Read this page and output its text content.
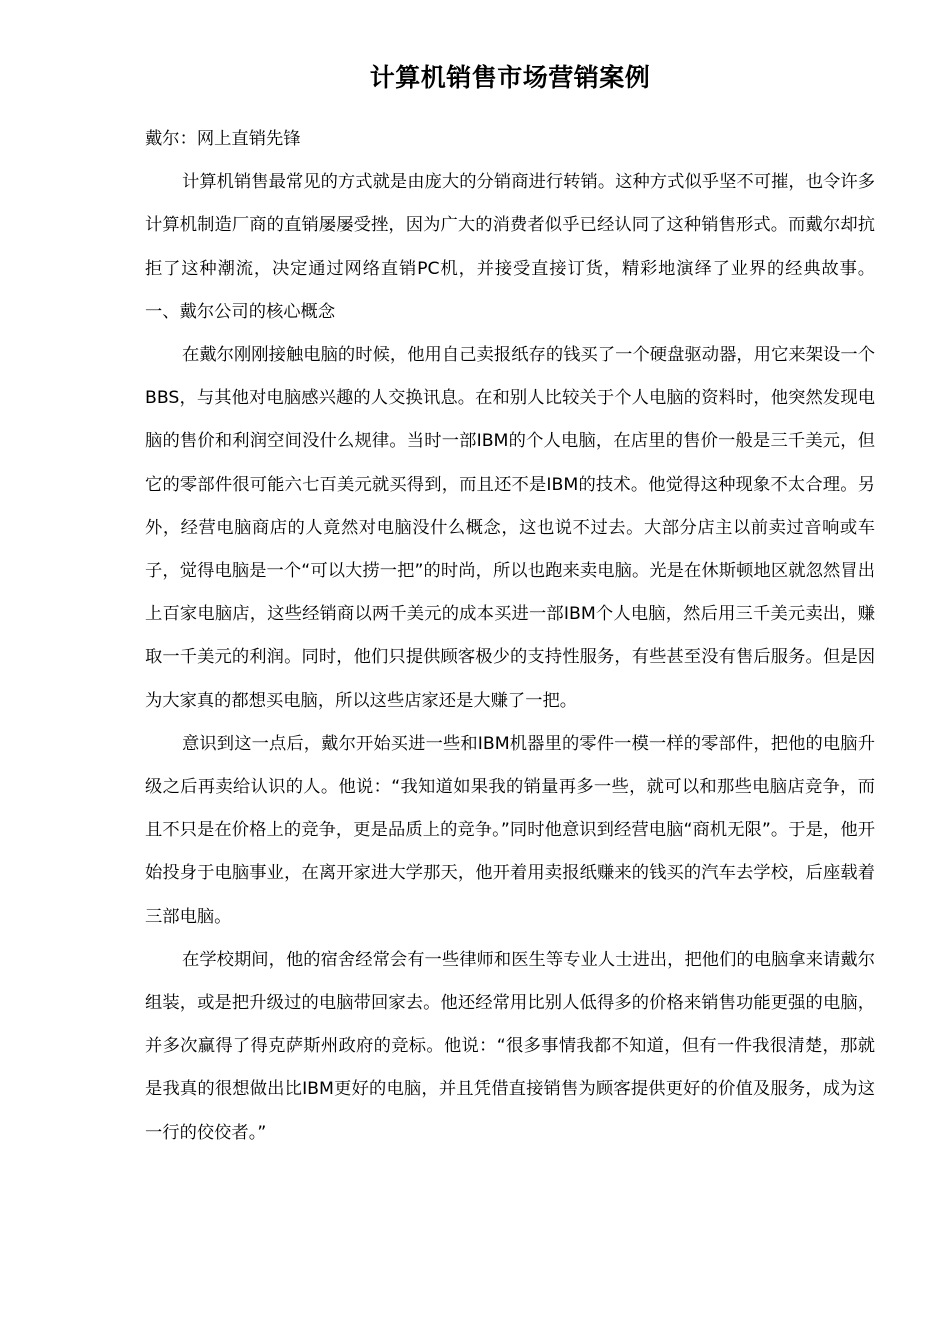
计算机销售市场营销案例

戴尔：网上直销先锋

计算机销售最常见的方式就是由庞大的分销商进行转销。这种方式似乎坚不可摧，也令许多计算机制造厂商的直销屡屡受挫，因为广大的消费者似乎已经认同了这种销售形式。而戴尔却抗拒了这种潮流，决定通过网络直销PC机，并接受直接订货，精彩地演绎了业界的经典故事。一、戴尔公司的核心概念

在戴尔刚刚接触电脑的时候，他用自己卖报纸存的钱买了一个硬盘驱动器，用它来架设一个BBS，与其他对电脑感兴趣的人交换讯息。在和别人比较关于个人电脑的资料时，他突然发现电脑的售价和利润空间没什么规律。当时一部IBM的个人电脑，在店里的售价一般是三千美元，但它的零部件很可能六七百美元就买得到，而且还不是IBM的技术。他觉得这种现象不太合理。另外，经营电脑商店的人竟然对电脑没什么概念，这也说不过去。大部分店主以前卖过音响或车子，觉得电脑是一个“可以大捞一把”的时尚，所以也跑来卖电脑。光是在休斯顿地区就忽然冒出上百家电脑店，这些经销商以两千美元的成本买进一部IBM个人电脑，然后用三千美元卖出，赚取一千美元的利润。同时，他们只提供顾客极少的支持性服务，有些甚至没有售后服务。但是因为大家真的都想买电脑，所以这些店家还是大赚了一把。

意识到这一点后，戴尔开始买进一些和IBM机器里的零件一模一样的零部件，把他的电脑升级之后再卖给认识的人。他说：“我知道如果我的销量再多一些，就可以和那些电脑店竞争，而且不只是在价格上的竞争，更是品质上的竞争。”同时他意识到经营电脑“商机无限”。于是，他开始投身于电脑事业，在离开家进大学那天，他开着用卖报纸赚来的钱买的汽车去学校，后座载着三部电脑。

在学校期间，他的宿舍经常会有一些律师和医生等专业人士进出，把他们的电脑拿来请戴尔组装，或是把升级过的电脑带回家去。他还经常用比别人低得多的价格来销售功能更强的电脑，并多次赢得了得克萨斯州政府的竞标。他说：“很多事情我都不知道，但有一件我很清楚，那就是我真的很想做出比IBM更好的电脑，并且凭借直接销售为顾客提供更好的价值及服务，成为这一行的佼佼者。”
